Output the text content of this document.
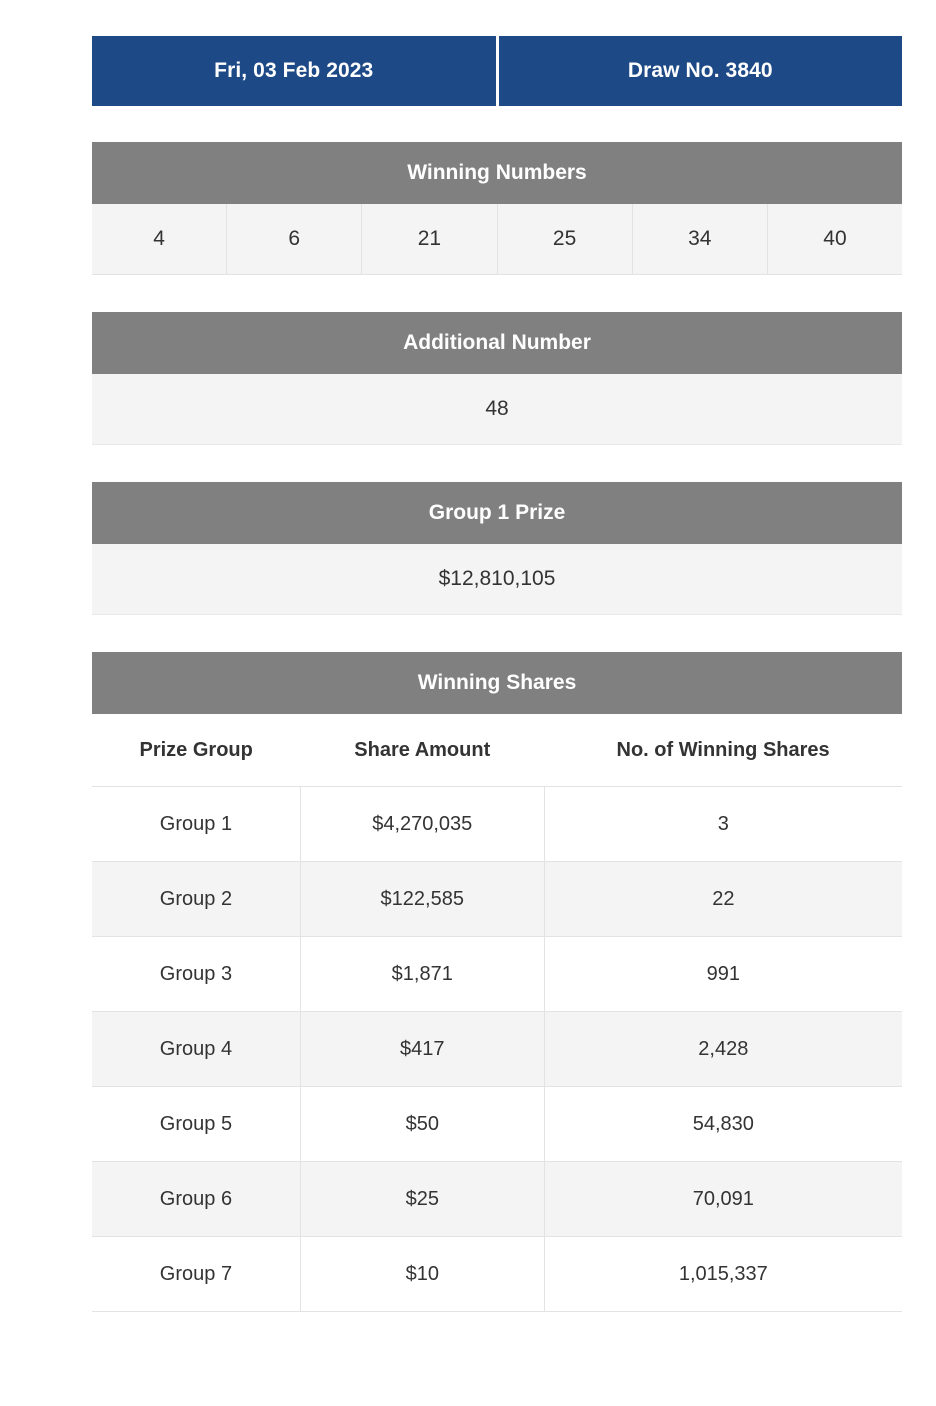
Fri, 03 Feb 2023	Draw No. 3840
Winning Numbers
4	6	21	25	34	40
Additional Number
48
Group 1 Prize
$12,810,105
Winning Shares
Prize Group	Share Amount	No. of Winning Shares
Group 1	$4,270,035	3
Group 2	$122,585	22
Group 3	$1,871	991
Group 4	$417	2,428
Group 5	$50	54,830
Group 6	$25	70,091
Group 7	$10	1,015,337
